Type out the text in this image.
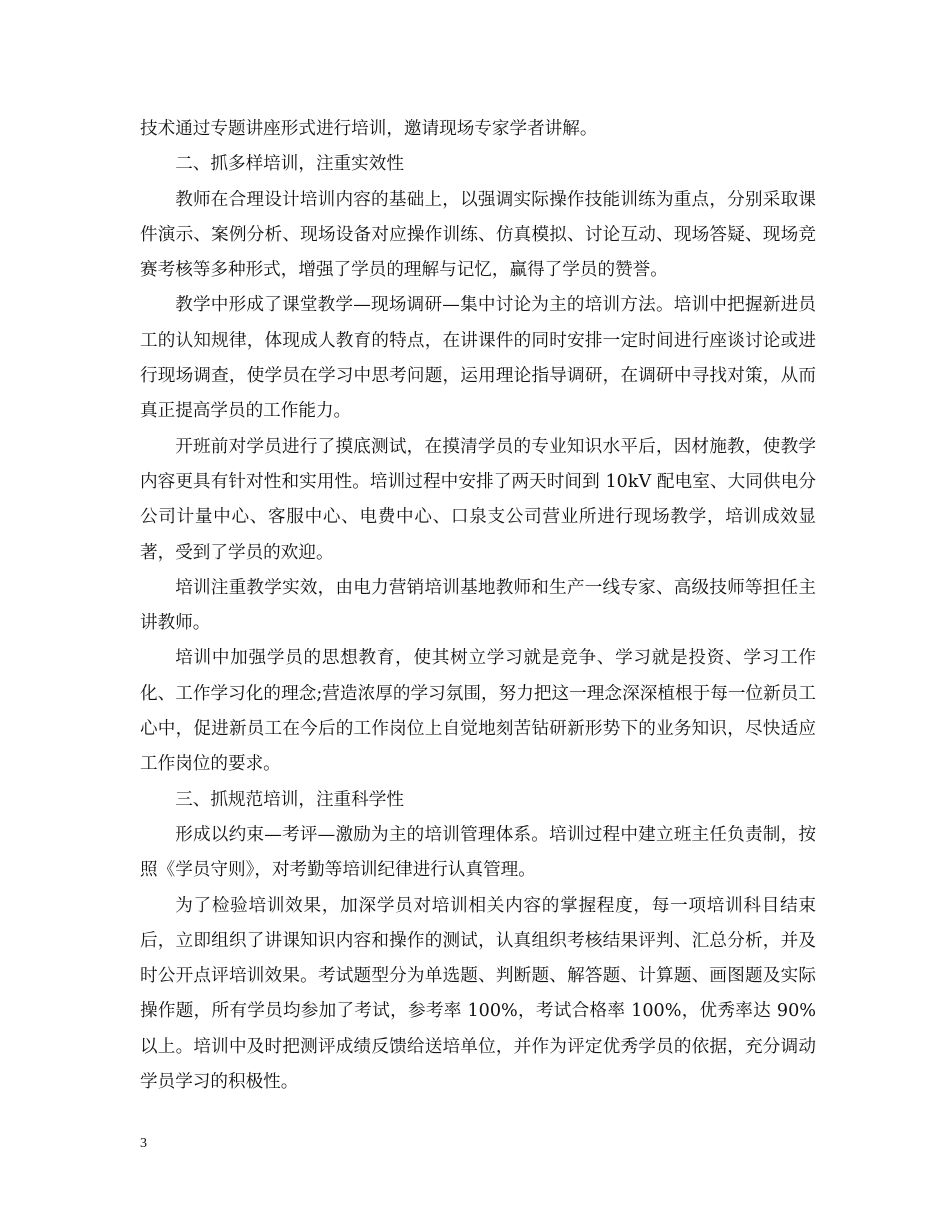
技术通过专题讲座形式进行培训，邀请现场专家学者讲解。

二、抓多样培训，注重实效性

教师在合理设计培训内容的基础上，以强调实际操作技能训练为重点，分别采取课件演示、案例分析、现场设备对应操作训练、仿真模拟、讨论互动、现场答疑、现场竞赛考核等多种形式，增强了学员的理解与记忆，赢得了学员的赞誉。

教学中形成了课堂教学—现场调研—集中讨论为主的培训方法。培训中把握新进员工的认知规律，体现成人教育的特点，在讲课件的同时安排一定时间进行座谈讨论或进行现场调查，使学员在学习中思考问题，运用理论指导调研，在调研中寻找对策，从而真正提高学员的工作能力。

开班前对学员进行了摸底测试，在摸清学员的专业知识水平后，因材施教，使教学内容更具有针对性和实用性。培训过程中安排了两天时间到 10kV 配电室、大同供电分公司计量中心、客服中心、电费中心、口泉支公司营业所进行现场教学，培训成效显著，受到了学员的欢迎。

培训注重教学实效，由电力营销培训基地教师和生产一线专家、高级技师等担任主讲教师。

培训中加强学员的思想教育，使其树立学习就是竞争、学习就是投资、学习工作化、工作学习化的理念;营造浓厚的学习氛围，努力把这一理念深深植根于每一位新员工心中，促进新员工在今后的工作岗位上自觉地刻苦钻研新形势下的业务知识，尽快适应工作岗位的要求。

三、抓规范培训，注重科学性

形成以约束—考评—激励为主的培训管理体系。培训过程中建立班主任负责制，按照《学员守则》，对考勤等培训纪律进行认真管理。

为了检验培训效果，加深学员对培训相关内容的掌握程度，每一项培训科目结束后，立即组织了讲课知识内容和操作的测试，认真组织考核结果评判、汇总分析，并及时公开点评培训效果。考试题型分为单选题、判断题、解答题、计算题、画图题及实际操作题，所有学员均参加了考试，参考率 100%，考试合格率 100%，优秀率达 90%以上。培训中及时把测评成绩反馈给送培单位，并作为评定优秀学员的依据，充分调动学员学习的积极性。

3
